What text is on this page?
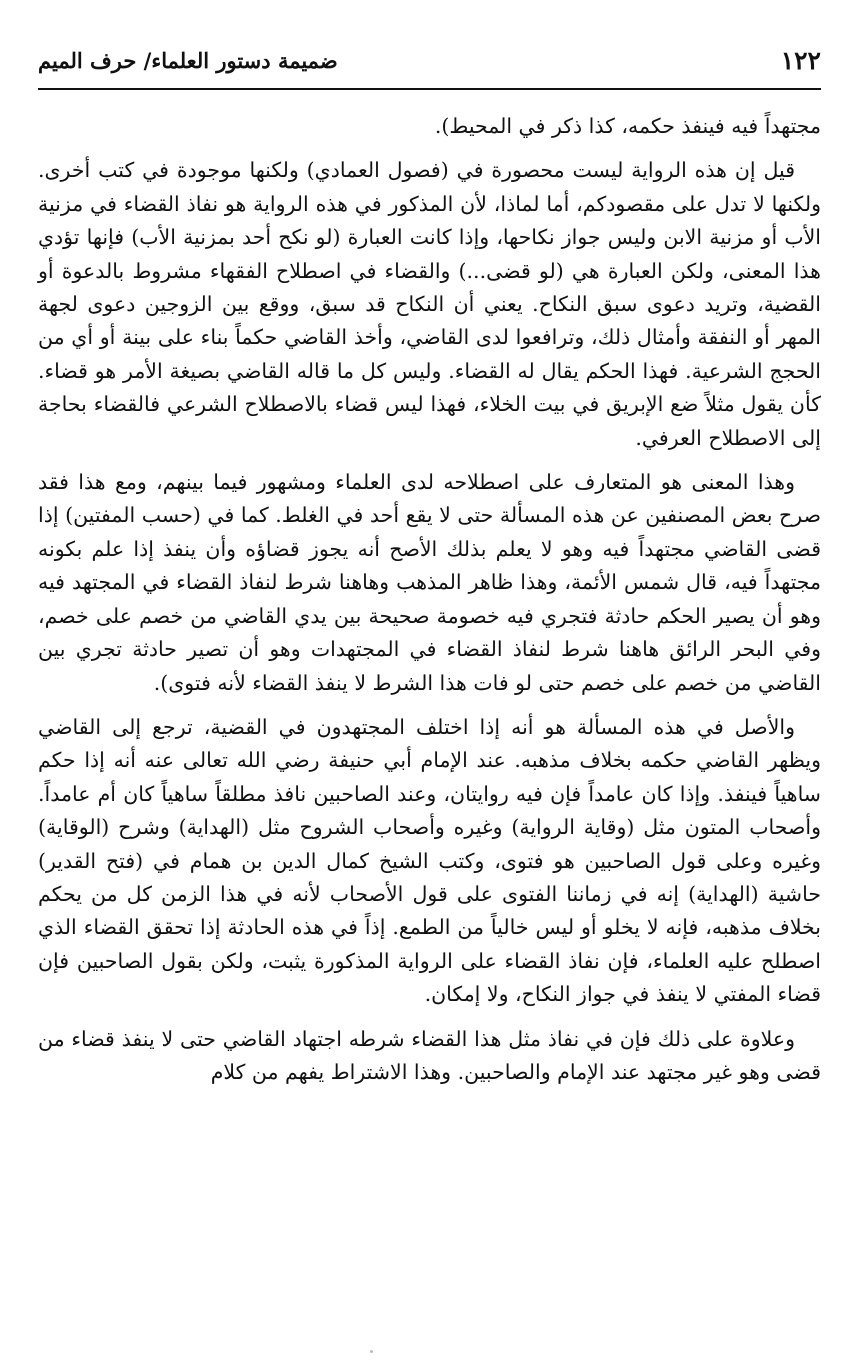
١٢٢
ضميمة دستور العلماء/ حرف الميم

مجتهداً فيه فينفذ حكمه، كذا ذكر في المحيط).

قيل إن هذه الرواية ليست محصورة في (فصول العمادي) ولكنها موجودة في كتب أخرى. ولكنها لا تدل على مقصودكم، أما لماذا، لأن المذكور في هذه الرواية هو نفاذ القضاء في مزنية الأب أو مزنية الابن وليس جواز نكاحها، وإذا كانت العبارة (لو نكح أحد بمزنية الأب) فإنها تؤدي هذا المعنى، ولكن العبارة هي (لو قضى...) والقضاء في اصطلاح الفقهاء مشروط بالدعوة أو القضية، وتريد دعوى سبق النكاح. يعني أن النكاح قد سبق، ووقع بين الزوجين دعوى لجهة المهر أو النفقة وأمثال ذلك، وترافعوا لدى القاضي، وأخذ القاضي حكماً بناء على بينة أو أي من الحجج الشرعية. فهذا الحكم يقال له القضاء. وليس كل ما قاله القاضي بصيغة الأمر هو قضاء. كأن يقول مثلاً ضع الإبريق في بيت الخلاء، فهذا ليس قضاء بالاصطلاح الشرعي فالقضاء بحاجة إلى الاصطلاح العرفي.

وهذا المعنى هو المتعارف على اصطلاحه لدى العلماء ومشهور فيما بينهم، ومع هذا فقد صرح بعض المصنفين عن هذه المسألة حتى لا يقع أحد في الغلط. كما في (حسب المفتين) إذا قضى القاضي مجتهداً فيه وهو لا يعلم بذلك الأصح أنه يجوز قضاؤه وأن ينفذ إذا علم بكونه مجتهداً فيه، قال شمس الأئمة، وهذا ظاهر المذهب وهاهنا شرط لنفاذ القضاء في المجتهد فيه وهو أن يصير الحكم حادثة فتجري فيه خصومة صحيحة بين يدي القاضي من خصم على خصم، وفي البحر الرائق هاهنا شرط لنفاذ القضاء في المجتهدات وهو أن تصير حادثة تجري بين القاضي من خصم على خصم حتى لو فات هذا الشرط لا ينفذ القضاء لأنه فتوى).

والأصل في هذه المسألة هو أنه إذا اختلف المجتهدون في القضية، ترجع إلى القاضي ويظهر القاضي حكمه بخلاف مذهبه. عند الإمام أبي حنيفة رضي الله تعالى عنه أنه إذا حكم ساهياً فينفذ. وإذا كان عامداً فإن فيه روايتان، وعند الصاحبين نافذ مطلقاً ساهياً كان أم عامداً. وأصحاب المتون مثل (وقاية الرواية) وغيره وأصحاب الشروح مثل (الهداية) وشرح (الوقاية) وغيره وعلى قول الصاحبين هو فتوى، وكتب الشيخ كمال الدين بن همام في (فتح القدير) حاشية (الهداية) إنه في زماننا الفتوى على قول الأصحاب لأنه في هذا الزمن كل من يحكم بخلاف مذهبه، فإنه لا يخلو أو ليس خالياً من الطمع. إذاً في هذه الحادثة إذا تحقق القضاء الذي اصطلح عليه العلماء، فإن نفاذ القضاء على الرواية المذكورة يثبت، ولكن بقول الصاحبين فإن قضاء المفتي لا ينفذ في جواز النكاح، ولا إمكان.

وعلاوة على ذلك فإن في نفاذ مثل هذا القضاء شرطه اجتهاد القاضي حتى لا ينفذ قضاء من قضى وهو غير مجتهد عند الإمام والصاحبين. وهذا الاشتراط يفهم من كلام
